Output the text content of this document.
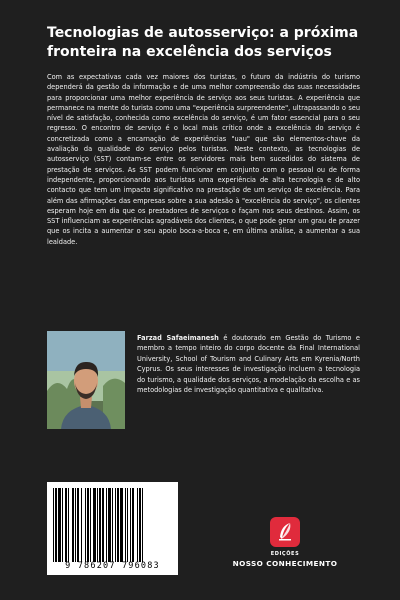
Tecnologias de autosserviço: a próxima fronteira na excelência dos serviços

Com as expectativas cada vez maiores dos turistas, o futuro da indústria do turismo dependerá da gestão da informação e de uma melhor compreensão das suas necessidades para proporcionar uma melhor experiência de serviço aos seus turistas. A experiência que permanece na mente do turista como uma "experiência surpreendente", ultrapassando o seu nível de satisfação, conhecida como excelência do serviço, é um fator essencial para o seu regresso. O encontro de serviço é o local mais crítico onde a excelência do serviço é concretizada como a encarnação de experiências "uau" que são elementos-chave da avaliação da qualidade do serviço pelos turistas. Neste contexto, as tecnologias de autosserviço (SST) contam-se entre os servidores mais bem sucedidos do sistema de prestação de serviços. As SST podem funcionar em conjunto com o pessoal ou de forma independente, proporcionando aos turistas uma experiência de alta tecnologia e de alto contacto que tem um impacto significativo na prestação de um serviço de excelência. Para além das afirmações das empresas sobre a sua adesão à "excelência do serviço", os clientes esperam hoje em dia que os prestadores de serviços o façam nos seus destinos. Assim, os SST influenciam as experiências agradáveis dos clientes, o que pode gerar um grau de prazer que os incita a aumentar o seu apoio boca-a-boca e, em última análise, a aumentar a sua lealdade.

Farzad Safaeimanesh é doutorado em Gestão do Turismo e membro a tempo inteiro do corpo docente da Final International University, School of Tourism and Culinary Arts em Kyrenia/North Cyprus. Os seus interesses de investigação incluem a tecnologia do turismo, a qualidade dos serviços, a modelação da escolha e as metodologias de investigação quantitativa e qualitativa.

9 786207 796083
EDIÇÕES
NOSSO CONHECIMENTO
